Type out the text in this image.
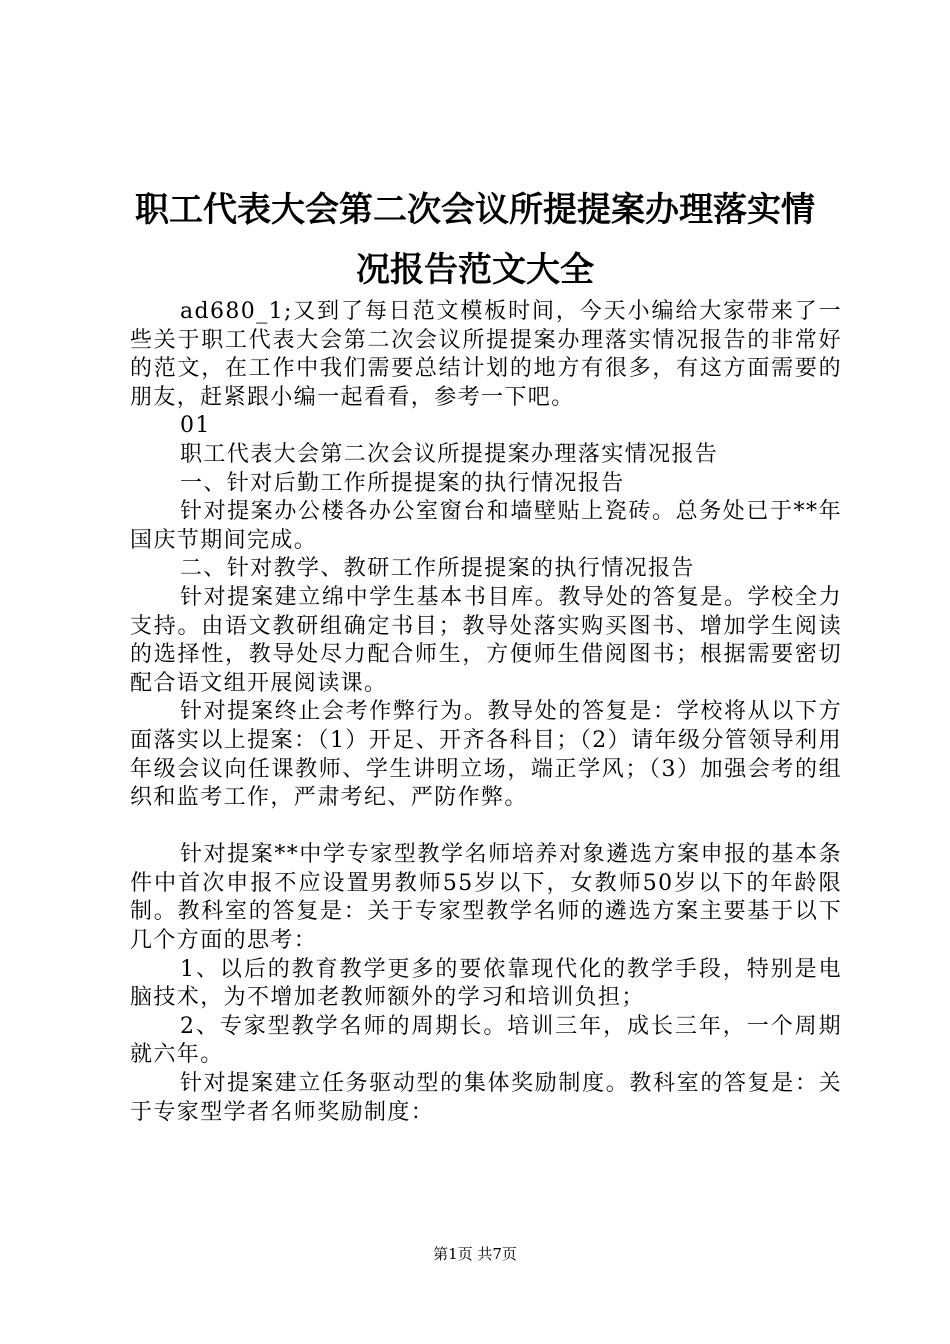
职工代表大会第二次会议所提提案办理落实情
况报告范文大全

ad680_1;又到了每日范文模板时间，今天小编给大家带来了一些关于职工代表大会第二次会议所提提案办理落实情况报告的非常好的范文，在工作中我们需要总结计划的地方有很多，有这方面需要的朋友，赶紧跟小编一起看看，参考一下吧。

01

职工代表大会第二次会议所提提案办理落实情况报告

一、针对后勤工作所提提案的执行情况报告

针对提案办公楼各办公室窗台和墙壁贴上瓷砖。总务处已于**年国庆节期间完成。

二、针对教学、教研工作所提提案的执行情况报告

针对提案建立绵中学生基本书目库。教导处的答复是。学校全力支持。由语文教研组确定书目；教导处落实购买图书、增加学生阅读的选择性，教导处尽力配合师生，方便师生借阅图书；根据需要密切配合语文组开展阅读课。

针对提案终止会考作弊行为。教导处的答复是：学校将从以下方面落实以上提案：（1）开足、开齐各科目；（2）请年级分管领导利用年级会议向任课教师、学生讲明立场，端正学风；（3）加强会考的组织和监考工作，严肃考纪、严防作弊。

针对提案**中学专家型教学名师培养对象遴选方案申报的基本条件中首次申报不应设置男教师55岁以下，女教师50岁以下的年龄限制。教科室的答复是：关于专家型教学名师的遴选方案主要基于以下几个方面的思考：

1、以后的教育教学更多的要依靠现代化的教学手段，特别是电脑技术，为不增加老教师额外的学习和培训负担；

2、专家型教学名师的周期长。培训三年，成长三年，一个周期就六年。

针对提案建立任务驱动型的集体奖励制度。教科室的答复是：关于专家型学者名师奖励制度：

第1页 共7页
